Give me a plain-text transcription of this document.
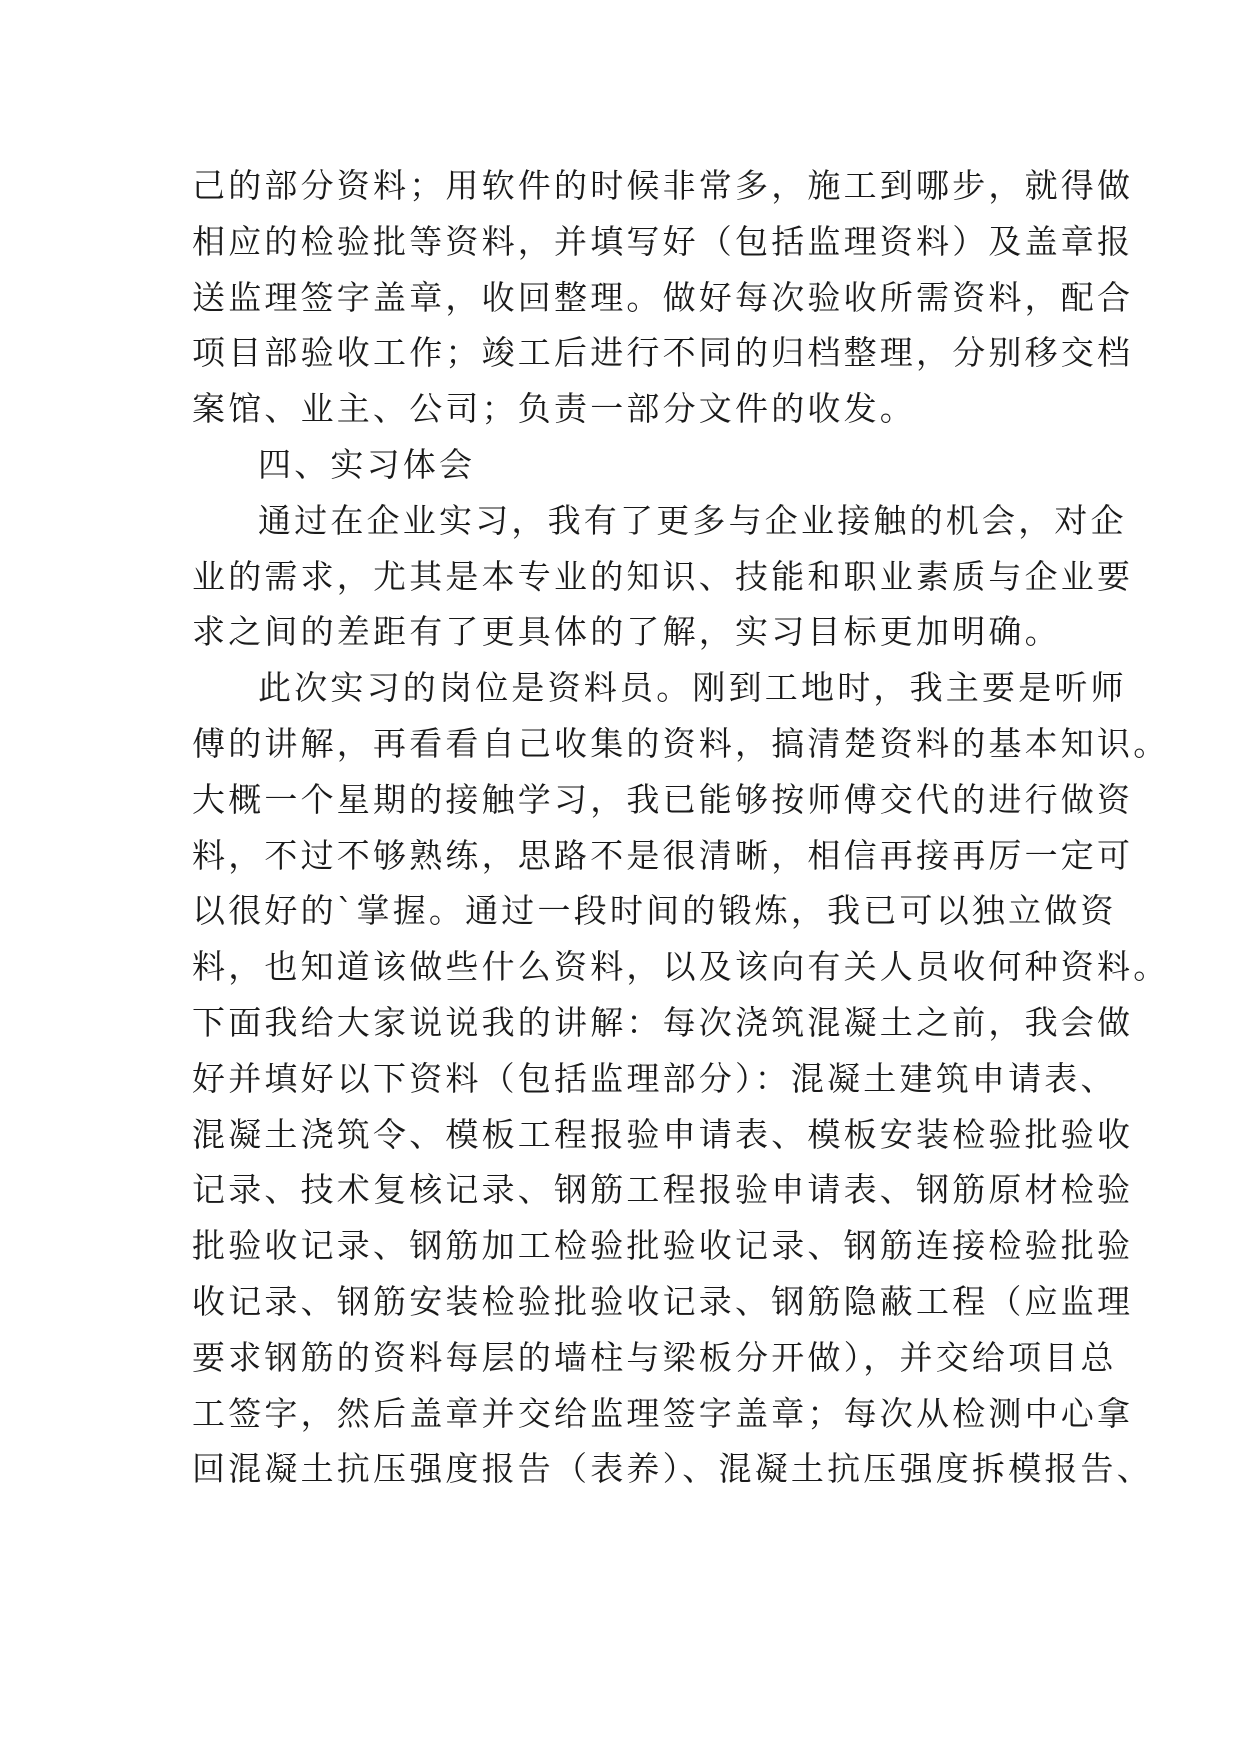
己的部分资料；用软件的时候非常多，施工到哪步，就得做
相应的检验批等资料，并填写好（包括监理资料）及盖章报
送监理签字盖章，收回整理。做好每次验收所需资料，配合
项目部验收工作；竣工后进行不同的归档整理，分别移交档
案馆、业主、公司；负责一部分文件的收发。
四、实习体会
通过在企业实习，我有了更多与企业接触的机会，对企
业的需求，尤其是本专业的知识、技能和职业素质与企业要
求之间的差距有了更具体的了解，实习目标更加明确。
此次实习的岗位是资料员。刚到工地时，我主要是听师
傅的讲解，再看看自己收集的资料，搞清楚资料的基本知识。
大概一个星期的接触学习，我已能够按师傅交代的进行做资
料，不过不够熟练，思路不是很清晰，相信再接再厉一定可
以很好的`掌握。通过一段时间的锻炼，我已可以独立做资
料，也知道该做些什么资料，以及该向有关人员收何种资料。
下面我给大家说说我的讲解：每次浇筑混凝土之前，我会做
好并填好以下资料（包括监理部分）：混凝土建筑申请表、
混凝土浇筑令、模板工程报验申请表、模板安装检验批验收
记录、技术复核记录、钢筋工程报验申请表、钢筋原材检验
批验收记录、钢筋加工检验批验收记录、钢筋连接检验批验
收记录、钢筋安装检验批验收记录、钢筋隐蔽工程（应监理
要求钢筋的资料每层的墙柱与梁板分开做），并交给项目总
工签字，然后盖章并交给监理签字盖章；每次从检测中心拿
回混凝土抗压强度报告（表养）、混凝土抗压强度拆模报告、
